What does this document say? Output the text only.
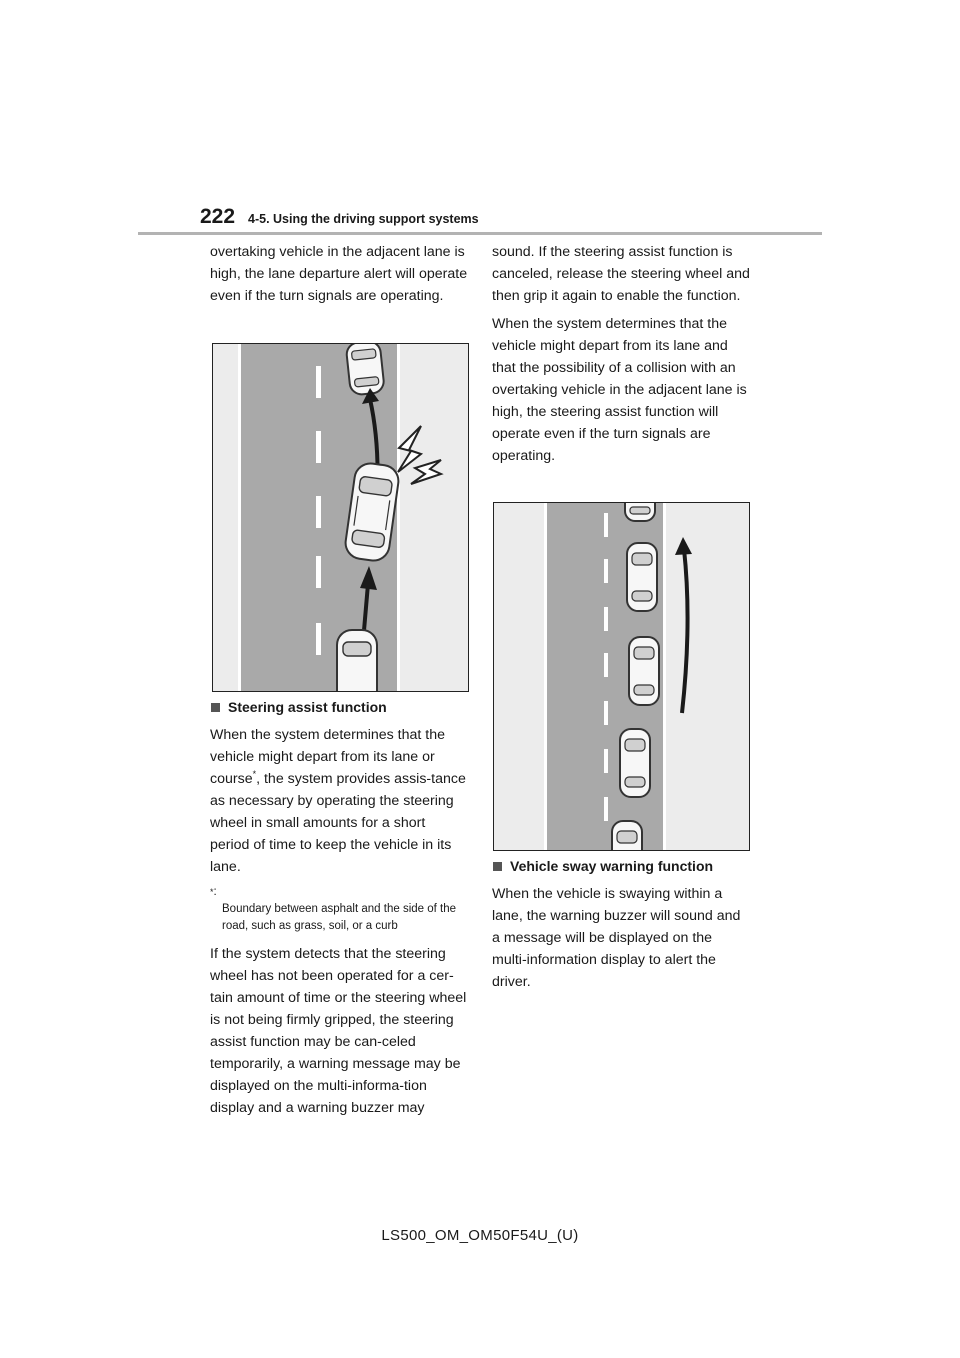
222 4-5. Using the driving support systems

overtaking vehicle in the adjacent lane is high, the lane departure alert will operate even if the turn signals are operating.

Steering assist function

When the system determines that the vehicle might depart from its lane or course*, the system provides assis-tance as necessary by operating the steering wheel in small amounts for a short period of time to keep the vehicle in its lane.

*:
Boundary between asphalt and the side of the road, such as grass, soil, or a curb

If the system detects that the steering wheel has not been operated for a cer-tain amount of time or the steering wheel is not being firmly gripped, the steering assist function may be can-celed temporarily, a warning message may be displayed on the multi-informa-tion display and a warning buzzer may

sound. If the steering assist function is canceled, release the steering wheel and then grip it again to enable the function.

When the system determines that the vehicle might depart from its lane and that the possibility of a collision with an overtaking vehicle in the adjacent lane is high, the steering assist function will operate even if the turn signals are operating.

Vehicle sway warning function

When the vehicle is swaying within a lane, the warning buzzer will sound and a message will be displayed on the multi-information display to alert the driver.

LS500_OM_OM50F54U_(U)
